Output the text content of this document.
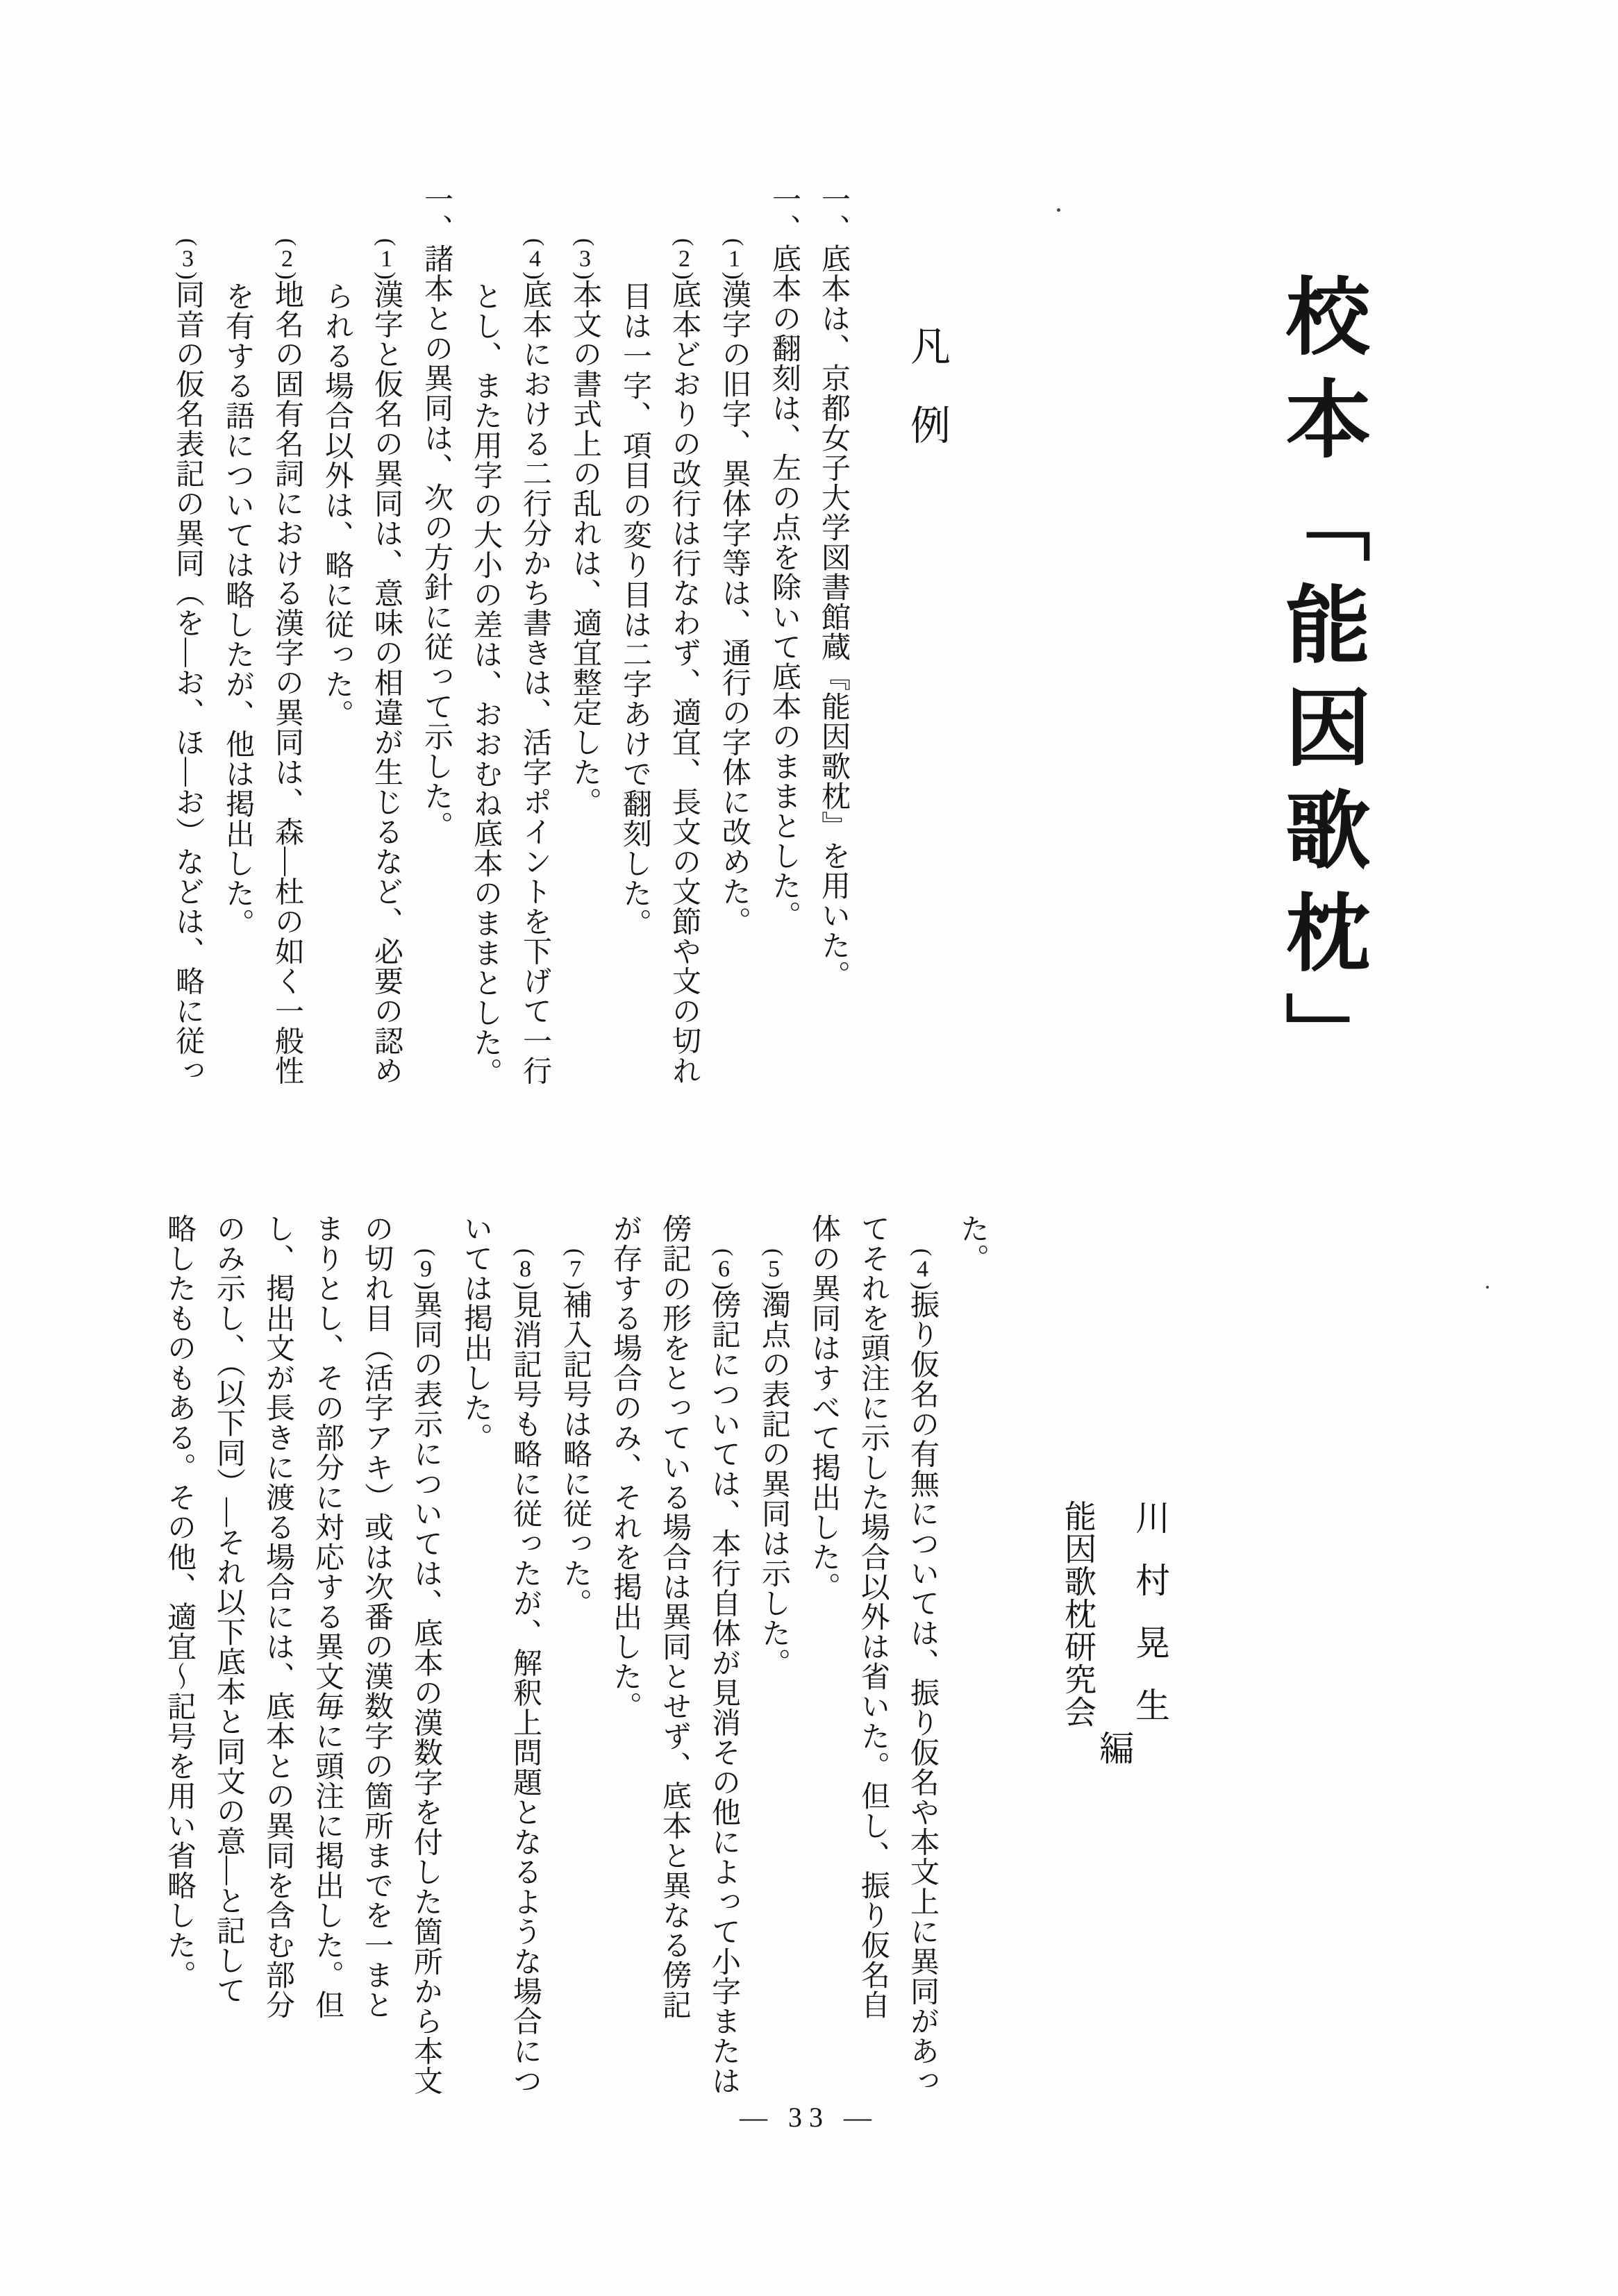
校本「能因歌枕」
凡例
一、底本は、京都女子大学図書館蔵『能因歌枕』を用いた。
一、底本の翻刻は、左の点を除いて底本のままとした。
(1)漢字の旧字、異体字等は、通行の字体に改めた。
(2)底本どおりの改行は行なわず、適宜、長文の文節や文の切れ
目は一字、項目の変り目は二字あけで翻刻した。
(3)本文の書式上の乱れは、適宜整定した。
(4)底本における二行分かち書きは、活字ポイントを下げて一行
とし、また用字の大小の差は、おおむね底本のままとした。
一、諸本との異同は、次の方針に従って示した。
(1)漢字と仮名の異同は、意味の相違が生じるなど、必要の認め
られる場合以外は、略に従った。
(2)地名の固有名詞における漢字の異同は、森―杜の如く一般性
を有する語については略したが、他は掲出した。
(3)同音の仮名表記の異同（を―お、ほ―お）などは、略に従っ
た。
(4)振り仮名の有無については、振り仮名や本文上に異同があっ
てそれを頭注に示した場合以外は省いた。但し、振り仮名自
体の異同はすべて掲出した。
(5)濁点の表記の異同は示した。
(6)傍記については、本行自体が見消その他によって小字または
傍記の形をとっている場合は異同とせず、底本と異なる傍記
が存する場合のみ、それを掲出した。
(7)補入記号は略に従った。
(8)見消記号も略に従ったが、解釈上問題となるような場合につ
いては掲出した。
(9)異同の表示については、底本の漢数字を付した箇所から本文
の切れ目（活字アキ）或は次番の漢数字の箇所までを一まと
まりとし、その部分に対応する異文毎に頭注に掲出した。但
し、掲出文が長きに渡る場合には、底本との異同を含む部分
のみ示し、（以下同）―それ以下底本と同文の意―と記して
略したものもある。その他、適宜〜記号を用い省略した。	川村晃生
能因歌枕研究会
編
— 33 —
